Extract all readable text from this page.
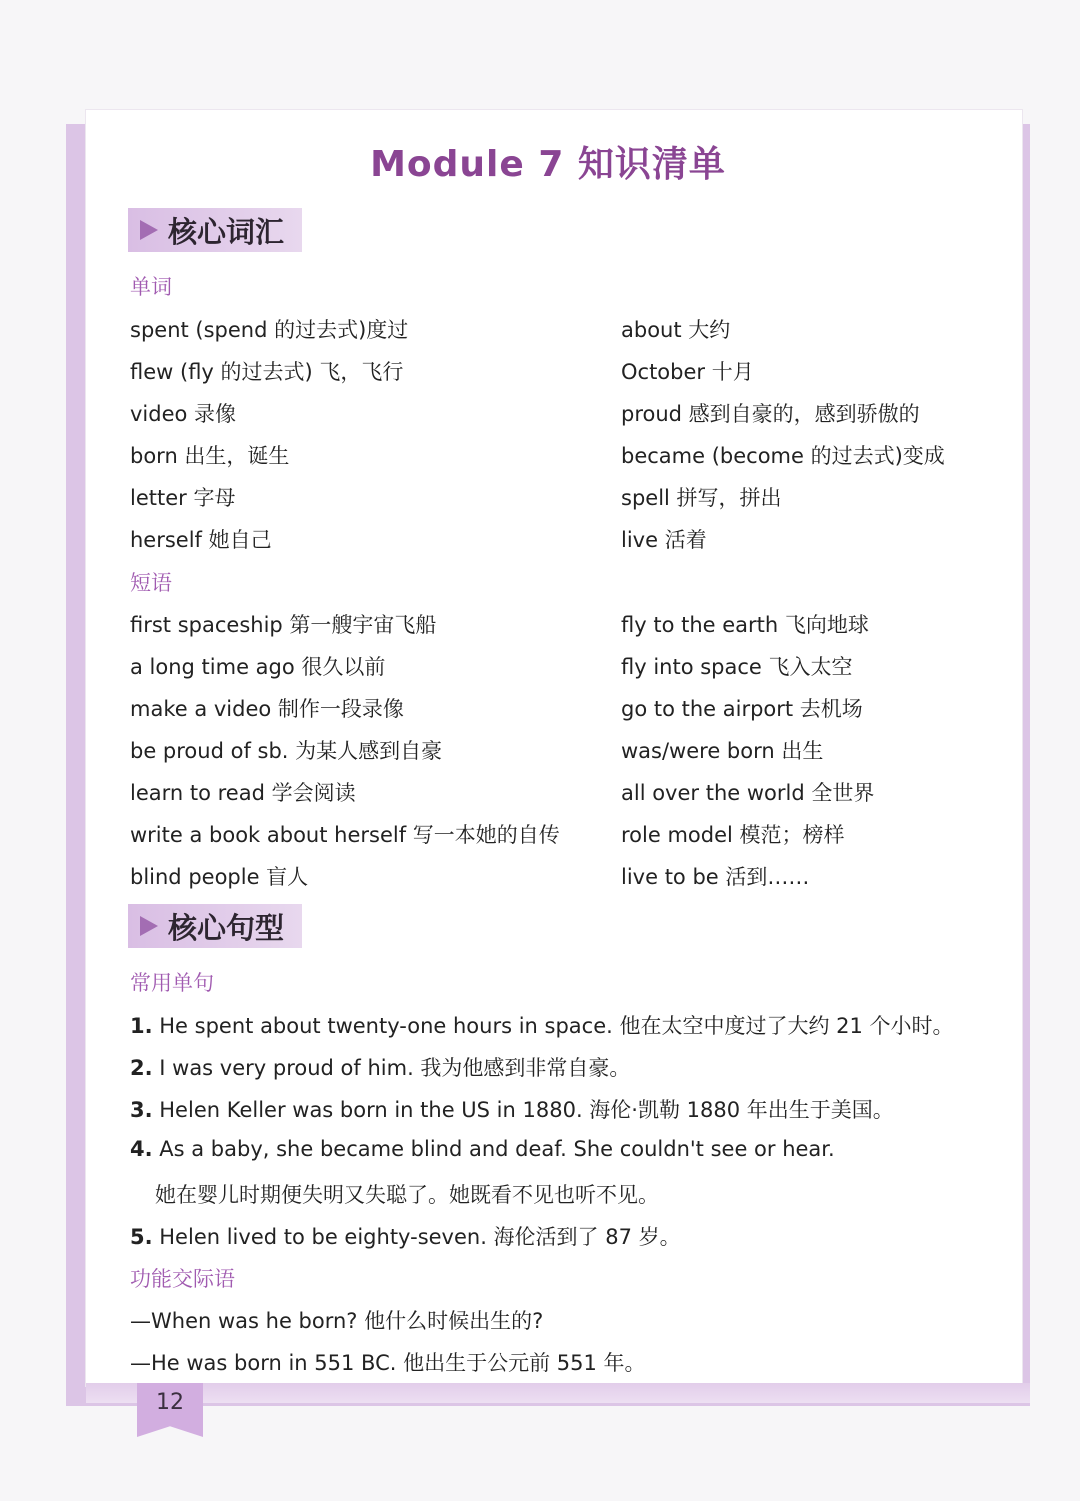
12
Module 7 知识清单
核心词汇
单词
spent (spend 的过去式)度过
flew (fly 的过去式) 飞，飞行
video 录像
born 出生，诞生
letter 字母
herself 她自己
about 大约
October 十月
proud 感到自豪的，感到骄傲的
became (become 的过去式)变成
spell 拼写，拼出
live 活着
短语
first spaceship 第一艘宇宙飞船
a long time ago 很久以前
make a video 制作一段录像
be proud of sb. 为某人感到自豪
learn to read 学会阅读
write a book about herself 写一本她的自传
blind people 盲人
fly to the earth 飞向地球
fly into space 飞入太空
go to the airport 去机场
was/were born 出生
all over the world 全世界
role model 模范；榜样
live to be 活到……
核心句型
常用单句
1. He spent about twenty-one hours in space. 他在太空中度过了大约 21 个小时。
2. I was very proud of him. 我为他感到非常自豪。
3. Helen Keller was born in the US in 1880. 海伦·凯勒 1880 年出生于美国。
4. As a baby, she became blind and deaf. She couldn't see or hear.
她在婴儿时期便失明又失聪了。她既看不见也听不见。
5. Helen lived to be eighty-seven. 海伦活到了 87 岁。
功能交际语
—When was he born? 他什么时候出生的?
—He was born in 551 BC. 他出生于公元前 551 年。
